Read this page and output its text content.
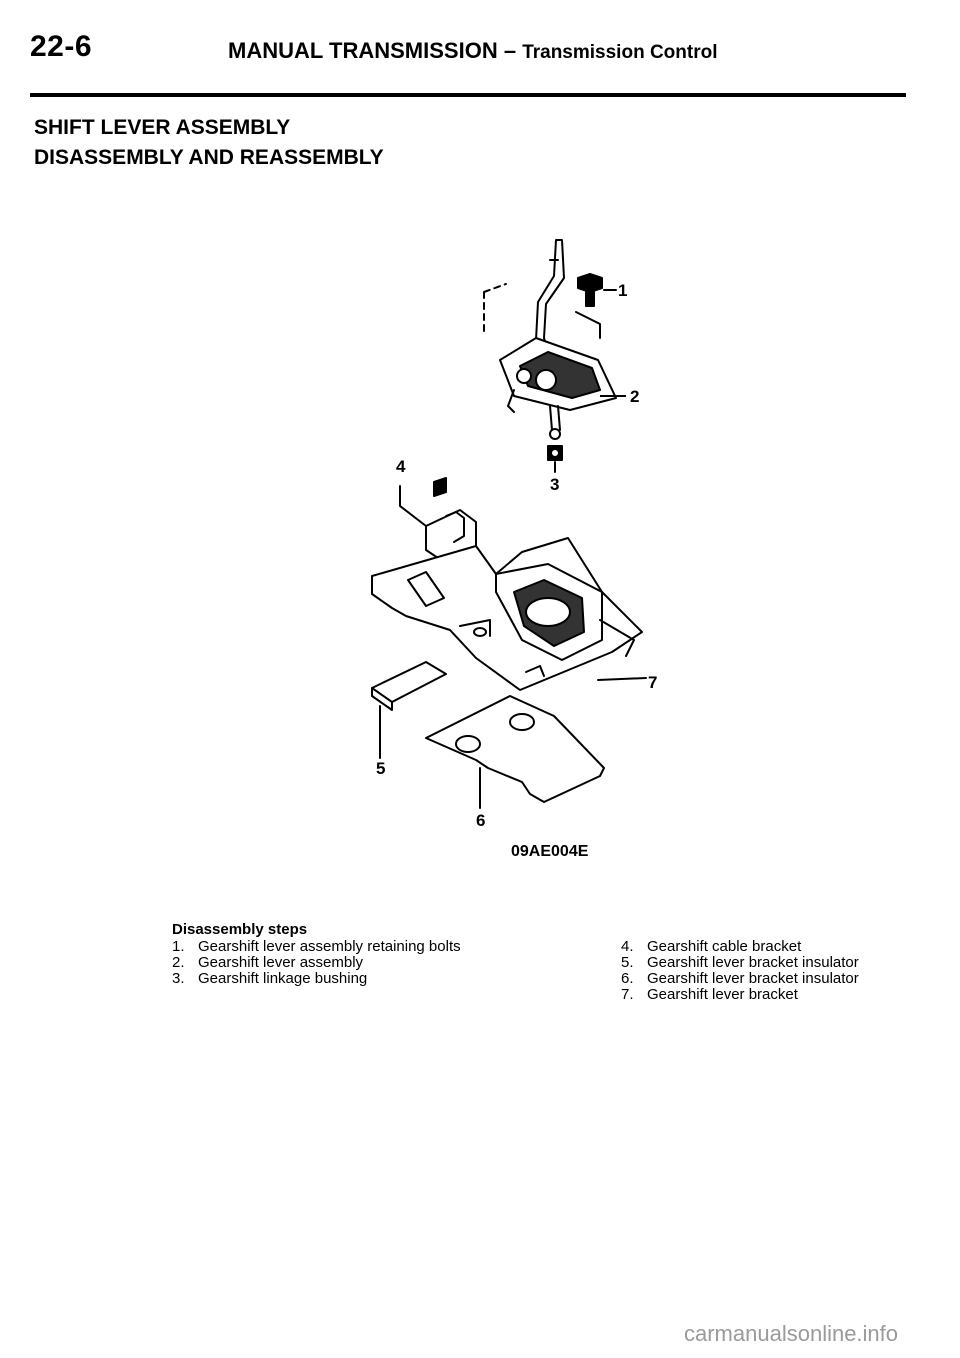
22-6	MANUAL TRANSMISSION – Transmission Control
SHIFT LEVER ASSEMBLY
DISASSEMBLY AND REASSEMBLY
1
2
3
4
5
6
7
09AE004E
Disassembly steps
1. Gearshift lever assembly retaining bolts
2. Gearshift lever assembly
3. Gearshift linkage bushing
4. Gearshift cable bracket
5. Gearshift lever bracket insulator
6. Gearshift lever bracket insulator
7. Gearshift lever bracket
carmanualsonline.info
